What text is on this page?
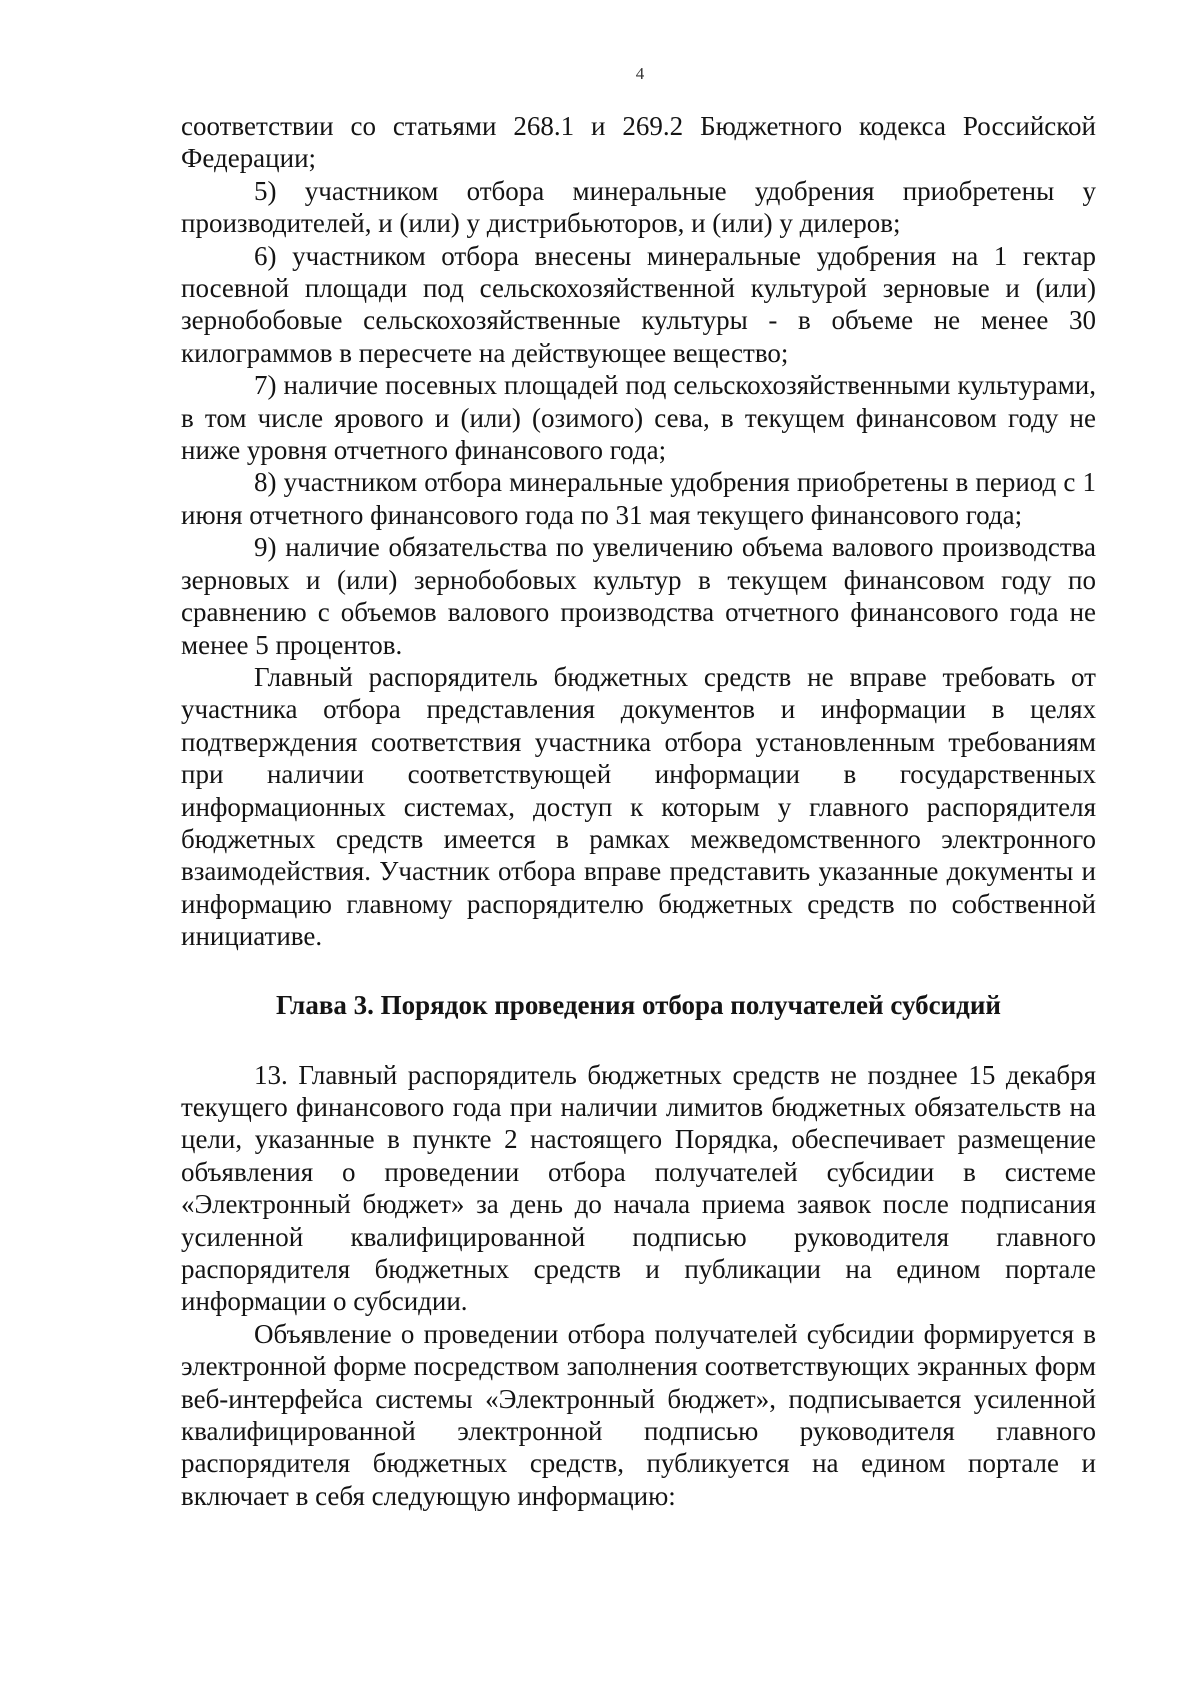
4

соответствии со статьями 268.1 и 269.2 Бюджетного кодекса Российской Федерации;

5) участником отбора минеральные удобрения приобретены у производителей, и (или) у дистрибьюторов, и (или) у дилеров;

6) участником отбора внесены минеральные удобрения на 1 гектар посевной площади под сельскохозяйственной культурой зерновые и (или) зернобобовые сельскохозяйственные культуры - в объеме не менее 30 килограммов в пересчете на действующее вещество;

7) наличие посевных площадей под сельскохозяйственными культурами, в том числе ярового и (или) (озимого) сева, в текущем финансовом году не ниже уровня отчетного финансового года;

8) участником отбора минеральные удобрения приобретены в период с 1 июня отчетного финансового года по 31 мая текущего финансового года;

9) наличие обязательства по увеличению объема валового производства зерновых и (или) зернобобовых культур в текущем финансовом году по сравнению с объемов валового производства отчетного финансового года не менее 5 процентов.

Главный распорядитель бюджетных средств не вправе требовать от участника отбора представления документов и информации в целях подтверждения соответствия участника отбора установленным требованиям при наличии соответствующей информации в государственных информационных системах, доступ к которым у главного распорядителя бюджетных средств имеется в рамках межведомственного электронного взаимодействия. Участник отбора вправе представить указанные документы и информацию главному распорядителю бюджетных средств по собственной инициативе.

Глава 3. Порядок проведения отбора получателей субсидий

13. Главный распорядитель бюджетных средств не позднее 15 декабря текущего финансового года при наличии лимитов бюджетных обязательств на цели, указанные в пункте 2 настоящего Порядка, обеспечивает размещение объявления о проведении отбора получателей субсидии в системе «Электронный бюджет» за день до начала приема заявок после подписания усиленной квалифицированной подписью руководителя главного распорядителя бюджетных средств и публикации на едином портале информации о субсидии.

Объявление о проведении отбора получателей субсидии формируется в электронной форме посредством заполнения соответствующих экранных форм веб-интерфейса системы «Электронный бюджет», подписывается усиленной квалифицированной электронной подписью руководителя главного распорядителя бюджетных средств, публикуется на едином портале и включает в себя следующую информацию:
